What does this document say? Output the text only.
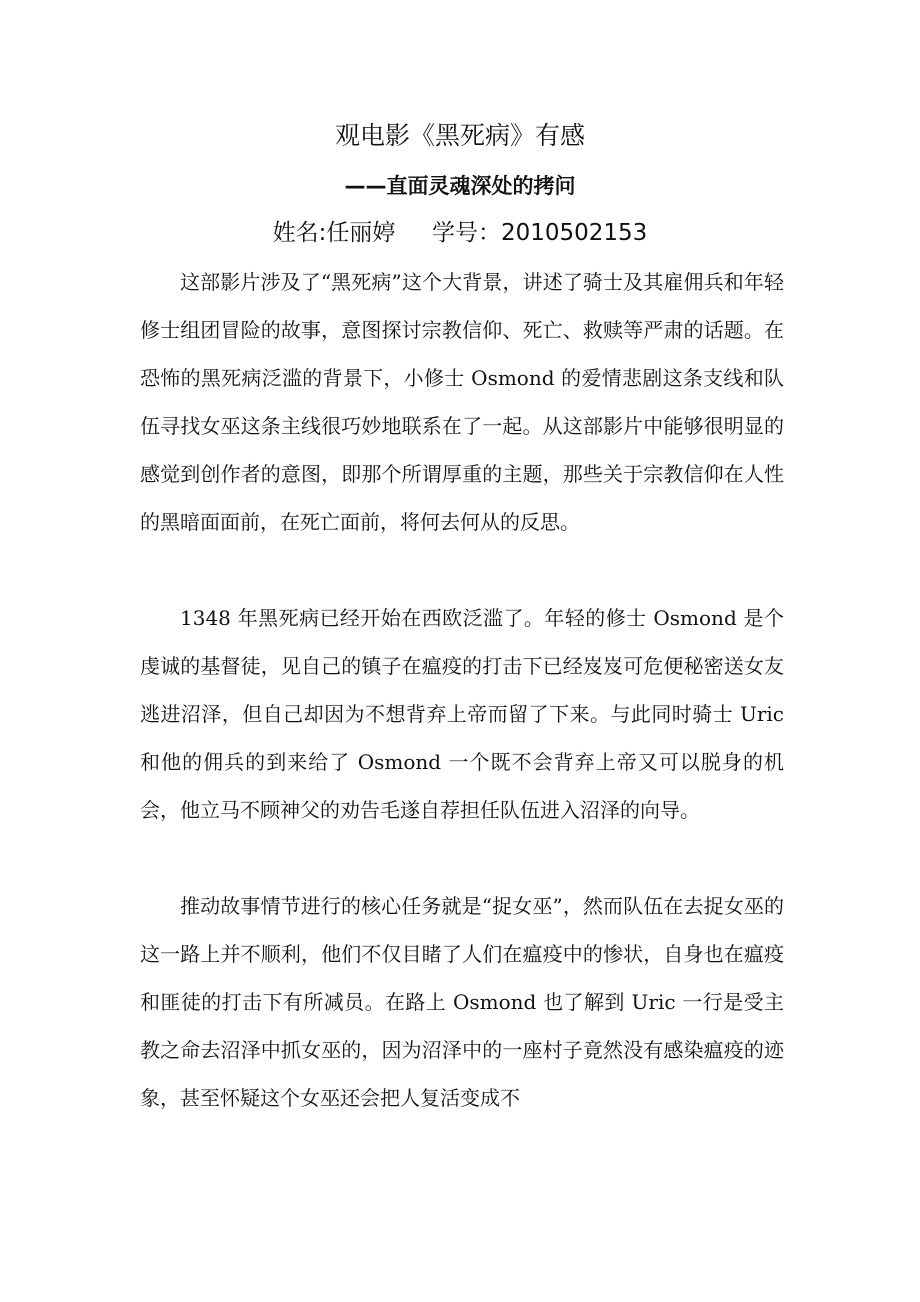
观电影《黑死病》有感
——直面灵魂深处的拷问
姓名:任丽婷     学号：2010502153

这部影片涉及了“黑死病”这个大背景，讲述了骑士及其雇佣兵和年轻修士组团冒险的故事，意图探讨宗教信仰、死亡、救赎等严肃的话题。在恐怖的黑死病泛滥的背景下，小修士 Osmond 的爱情悲剧这条支线和队伍寻找女巫这条主线很巧妙地联系在了一起。从这部影片中能够很明显的感觉到创作者的意图，即那个所谓厚重的主题，那些关于宗教信仰在人性的黑暗面面前，在死亡面前，将何去何从的反思。

1348 年黑死病已经开始在西欧泛滥了。年轻的修士 Osmond 是个虔诚的基督徒，见自己的镇子在瘟疫的打击下已经岌岌可危便秘密送女友逃进沼泽，但自己却因为不想背弃上帝而留了下来。与此同时骑士 Uric 和他的佣兵的到来给了 Osmond 一个既不会背弃上帝又可以脱身的机会，他立马不顾神父的劝告毛遂自荐担任队伍进入沼泽的向导。

推动故事情节进行的核心任务就是“捉女巫”，然而队伍在去捉女巫的这一路上并不顺利，他们不仅目睹了人们在瘟疫中的惨状，自身也在瘟疫和匪徒的打击下有所减员。在路上 Osmond 也了解到 Uric 一行是受主教之命去沼泽中抓女巫的，因为沼泽中的一座村子竟然没有感染瘟疫的迹象，甚至怀疑这个女巫还会把人复活变成不
